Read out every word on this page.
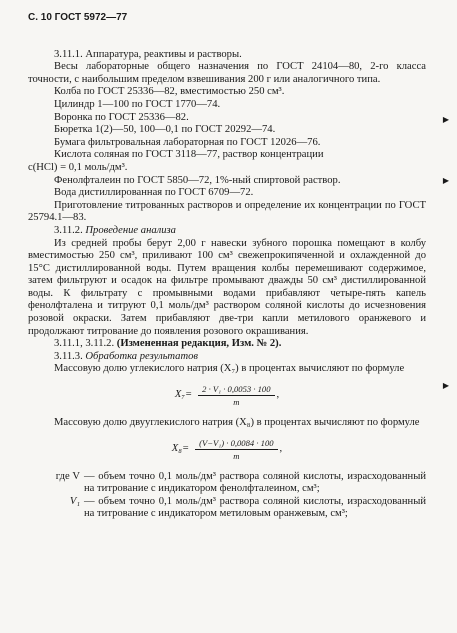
▶
▶
▶
С. 10 ГОСТ 5972—77

3.11.1. Аппаратура, реактивы и растворы.

Весы лабораторные общего назначения по ГОСТ 24104—80, 2-го класса точности, с наибольшим пределом взвешивания 200 г или аналогичного типа.

Колба по ГОСТ 25336—82, вместимостью 250 см³.

Цилиндр 1—100 по ГОСТ 1770—74.

Воронка по ГОСТ 25336—82.

Бюретка 1(2)—50, 100—0,1 по ГОСТ 20292—74.

Бумага фильтровальная лабораторная по ГОСТ 12026—76.

Кислота соляная по ГОСТ 3118—77, раствор концентрации

c(HCl) = 0,1 моль/дм³.

Фенолфталеин по ГОСТ 5850—72, 1%-ный спиртовой раствор.

Вода дистиллированная по ГОСТ 6709—72.

Приготовление титрованных растворов и определение их концентрации по ГОСТ 25794.1—83.

3.11.2. Проведение анализа

Из средней пробы берут 2,00 г навески зубного порошка помещают в колбу вместимостью 250 см³, приливают 100 см³ свежепрокипяченной и охлажденной до 15°С дистиллированной воды. Путем вращения колбы перемешивают содержимое, затем фильтруют и осадок на фильтре промывают дважды 50 см³ дистиллированной воды. К фильтрату с промывными водами прибавляют четыре-пять капель фенолфталена и титруют 0,1 моль/дм³ раствором соляной кислоты до исчезновения розовой окраски. Затем прибавляют две-три капли метилового оранжевого и продолжают титрование до появления розового окрашивания.

3.11.1, 3.11.2. (Измененная редакция, Изм. № 2).

3.11.3. Обработка результатов

Массовую долю углекислого натрия (X₇) в процентах вычисляют по формуле

$X_7= \frac{\text{2 · V₁ · 0,0053 · 100}}{m}$ ,

Массовую долю двууглекислого натрия (X₈) в процентах вычисляют по формуле

$X_8= \frac{\text{(V−V₁) · 0,0084 · 100}}{m}$ ,
где V — объем точно 0,1 моль/дм³ раствора соляной кислоты, израсходованный на титрование с индикатором фенолфталеином, см³;
V₁ — объем точно 0,1 моль/дм³ раствора соляной кислоты, израсходованный на титрование с индикатором метиловым оранжевым, см³;
